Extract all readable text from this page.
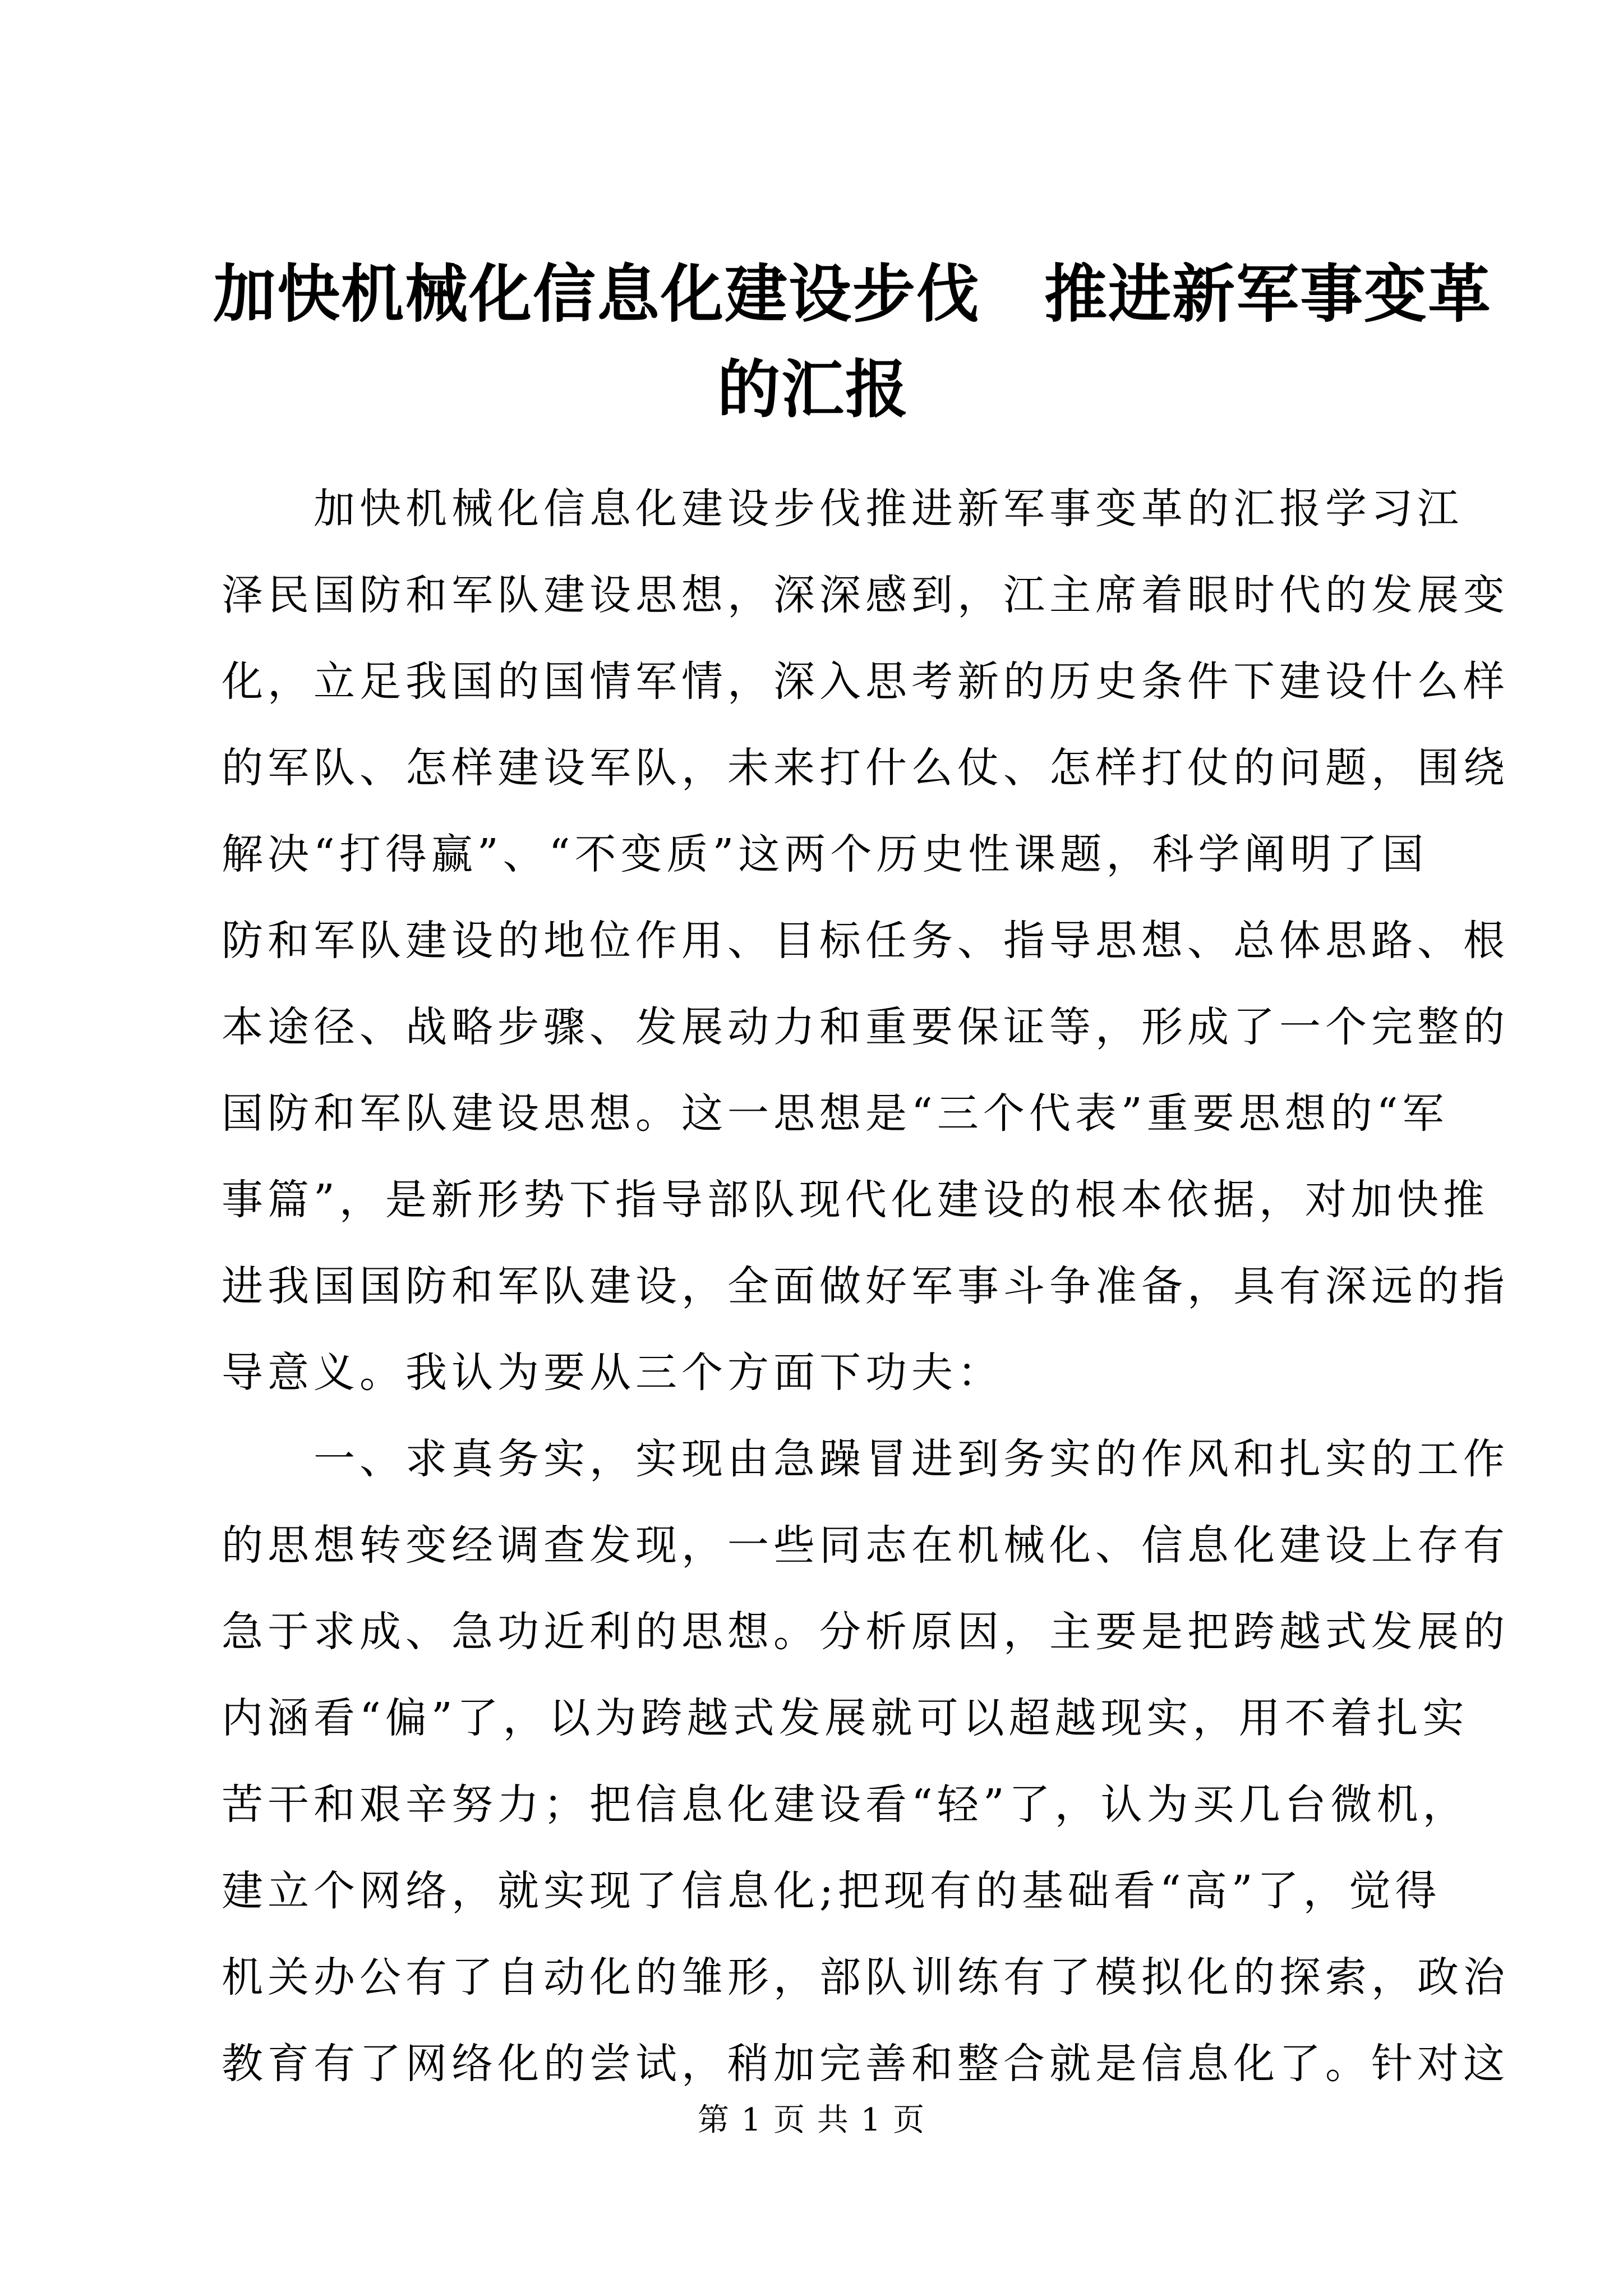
加快机械化信息化建设步伐　推进新军事变革
的汇报

　　加快机械化信息化建设步伐推进新军事变革的汇报学习江
泽民国防和军队建设思想，深深感到，江主席着眼时代的发展变
化，立足我国的国情军情，深入思考新的历史条件下建设什么样
的军队、怎样建设军队，未来打什么仗、怎样打仗的问题，围绕
解决“打得赢”、“不变质”这两个历史性课题，科学阐明了国
防和军队建设的地位作用、目标任务、指导思想、总体思路、根
本途径、战略步骤、发展动力和重要保证等，形成了一个完整的
国防和军队建设思想。这一思想是“三个代表”重要思想的“军
事篇”，是新形势下指导部队现代化建设的根本依据，对加快推
进我国国防和军队建设，全面做好军事斗争准备，具有深远的指
导意义。我认为要从三个方面下功夫：

　　一、求真务实，实现由急躁冒进到务实的作风和扎实的工作
的思想转变经调查发现，一些同志在机械化、信息化建设上存有
急于求成、急功近利的思想。分析原因，主要是把跨越式发展的
内涵看“偏”了，以为跨越式发展就可以超越现实，用不着扎实
苦干和艰辛努力；把信息化建设看“轻”了，认为买几台微机，
建立个网络，就实现了信息化;把现有的基础看“高”了，觉得
机关办公有了自动化的雏形，部队训练有了模拟化的探索，政治
教育有了网络化的尝试，稍加完善和整合就是信息化了。针对这

第 1 页 共 1 页
